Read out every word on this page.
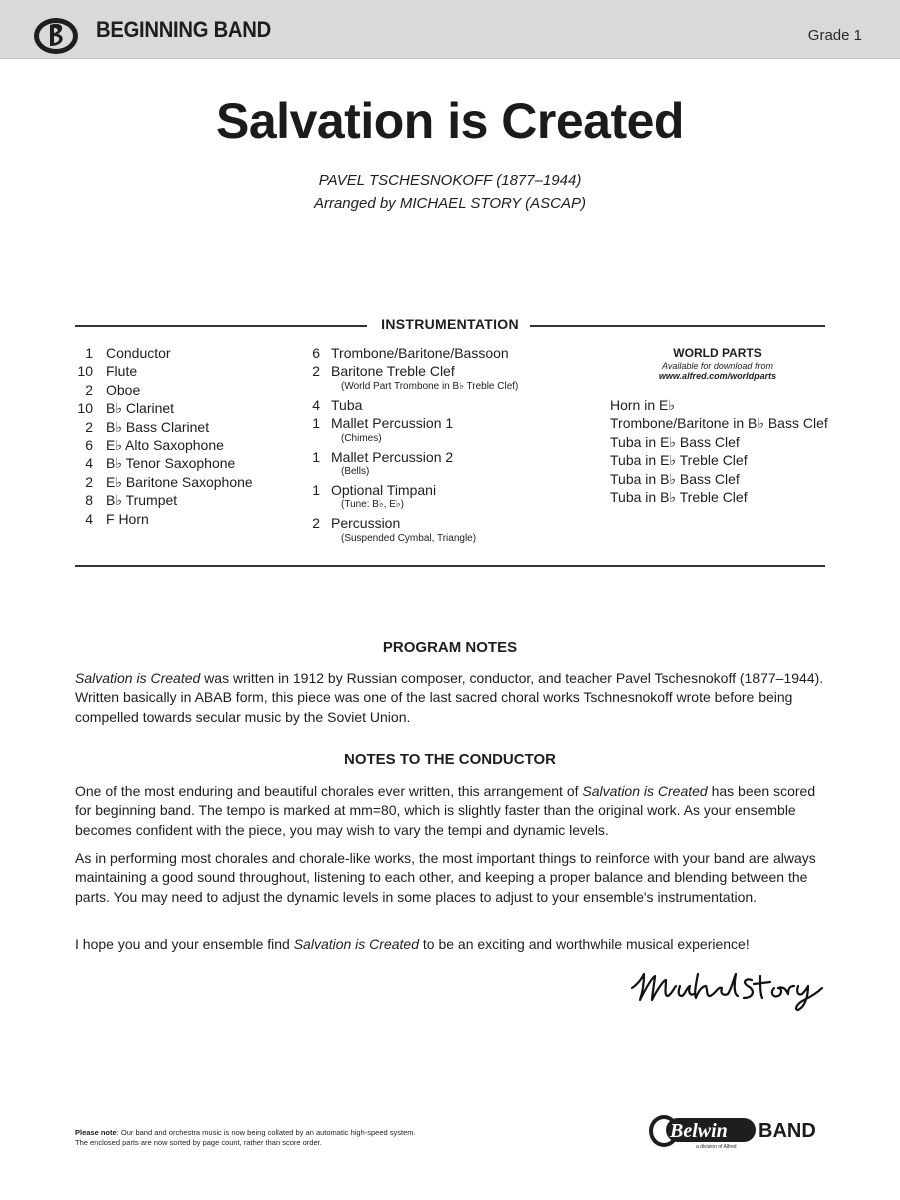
BEGINNING BAND	Grade 1
Salvation is Created
PAVEL TSCHESNOKOFF (1877–1944)
Arranged by MICHAEL STORY (ASCAP)
INSTRUMENTATION
1 Conductor
10 Flute
2 Oboe
10 B♭ Clarinet
2 B♭ Bass Clarinet
6 E♭ Alto Saxophone
4 B♭ Tenor Saxophone
2 E♭ Baritone Saxophone
8 B♭ Trumpet
4 F Horn
6 Trombone/Baritone/Bassoon
2 Baritone Treble Clef
(World Part Trombone in B♭ Treble Clef)
4 Tuba
1 Mallet Percussion 1
(Chimes)
1 Mallet Percussion 2
(Bells)
1 Optional Timpani
(Tune: B♭, E♭)
2 Percussion
(Suspended Cymbal, Triangle)
WORLD PARTS
Available for download from
www.alfred.com/worldparts
Horn in E♭
Trombone/Baritone in B♭ Bass Clef
Tuba in E♭ Bass Clef
Tuba in E♭ Treble Clef
Tuba in B♭ Bass Clef
Tuba in B♭ Treble Clef
PROGRAM NOTES
Salvation is Created was written in 1912 by Russian composer, conductor, and teacher Pavel Tschesnokoff (1877–1944). Written basically in ABAB form, this piece was one of the last sacred choral works Tschnesnokoff wrote before being compelled towards secular music by the Soviet Union.
NOTES TO THE CONDUCTOR
One of the most enduring and beautiful chorales ever written, this arrangement of Salvation is Created has been scored for beginning band. The tempo is marked at mm=80, which is slightly faster than the original work. As your ensemble becomes confident with the piece, you may wish to vary the tempi and dynamic levels.
As in performing most chorales and chorale-like works, the most important things to reinforce with your band are always maintaining a good sound throughout, listening to each other, and keeping a proper balance and blending between the parts. You may need to adjust the dynamic levels in some places to adjust to your ensemble's instrumentation.
I hope you and your ensemble find Salvation is Created to be an exciting and worthwhile musical experience!
Please note: Our band and orchestra music is now being collated by an automatic high-speed system.
The enclosed parts are now sorted by page count, rather than score order.
Belwin BAND
a division of Alfred
